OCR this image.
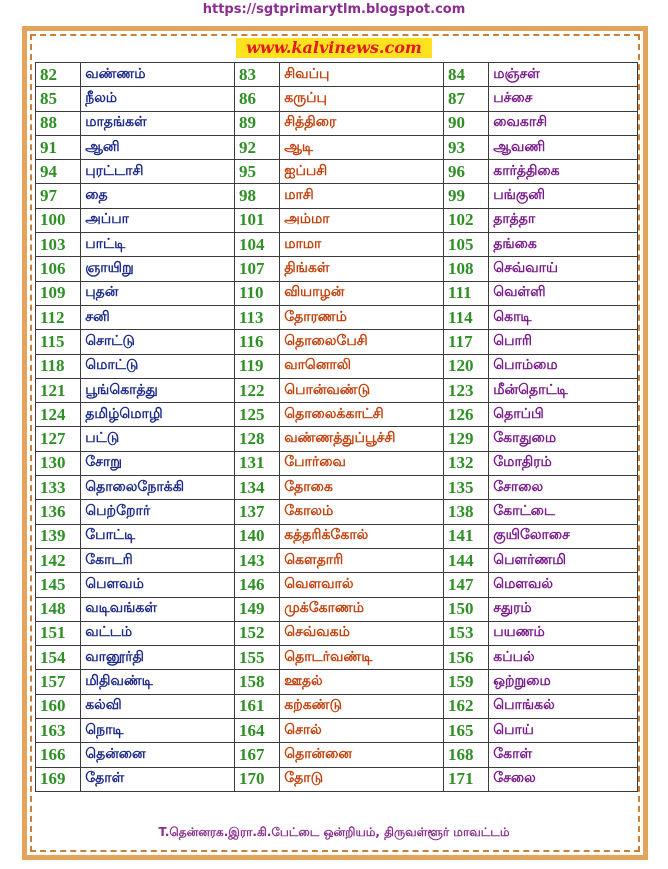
https://sgtprimarytlm.blogspot.com
www.kalvinews.com
82	வண்ணம்	83	சிவப்பு	84	மஞ்சள்
85	நீலம்	86	கருப்பு	87	பச்சை
88	மாதங்கள்	89	சித்திரை	90	வைகாசி
91	ஆனி	92	ஆடி	93	ஆவணி
94	புரட்டாசி	95	ஐப்பசி	96	கார்த்திகை
97	தை	98	மாசி	99	பங்குனி
100	அப்பா	101	அம்மா	102	தாத்தா
103	பாட்டி	104	மாமா	105	தங்கை
106	ஞாயிறு	107	திங்கள்	108	செவ்வாய்
109	புதன்	110	வியாழன்	111	வெள்ளி
112	சனி	113	தோரணம்	114	கொடி
115	சொட்டு	116	தொலைபேசி	117	பொரி
118	மொட்டு	119	வானொலி	120	பொம்மை
121	பூங்கொத்து	122	பொன்வண்டு	123	மீன்தொட்டி
124	தமிழ்மொழி	125	தொலைக்காட்சி	126	தொப்பி
127	பட்டு	128	வண்ணத்துப்பூச்சி	129	கோதுமை
130	சோறு	131	போர்வை	132	மோதிரம்
133	தொலைநோக்கி	134	தோகை	135	சோலை
136	பெற்றோர்	137	கோலம்	138	கோட்டை
139	போட்டி	140	கத்தரிக்கோல்	141	குயிலோசை
142	கோடரி	143	கௌதாரி	144	பௌர்ணமி
145	பௌவம்	146	வௌவால்	147	மௌவல்
148	வடிவங்கள்	149	முக்கோணம்	150	சதுரம்
151	வட்டம்	152	செவ்வகம்	153	பயணம்
154	வானூர்தி	155	தொடர்வண்டி	156	கப்பல்
157	மிதிவண்டி	158	ஊதல்	159	ஒற்றுமை
160	கல்வி	161	கற்கண்டு	162	பொங்கல்
163	நொடி	164	சொல்	165	பொய்
166	தென்னை	167	தொன்னை	168	கோள்
169	தோள்	170	தோடு	171	சேலை
T.தென்னரக.இரா.கி.பேட்டை ஒன்றியம், திருவள்ளூர் மாவட்டம்
